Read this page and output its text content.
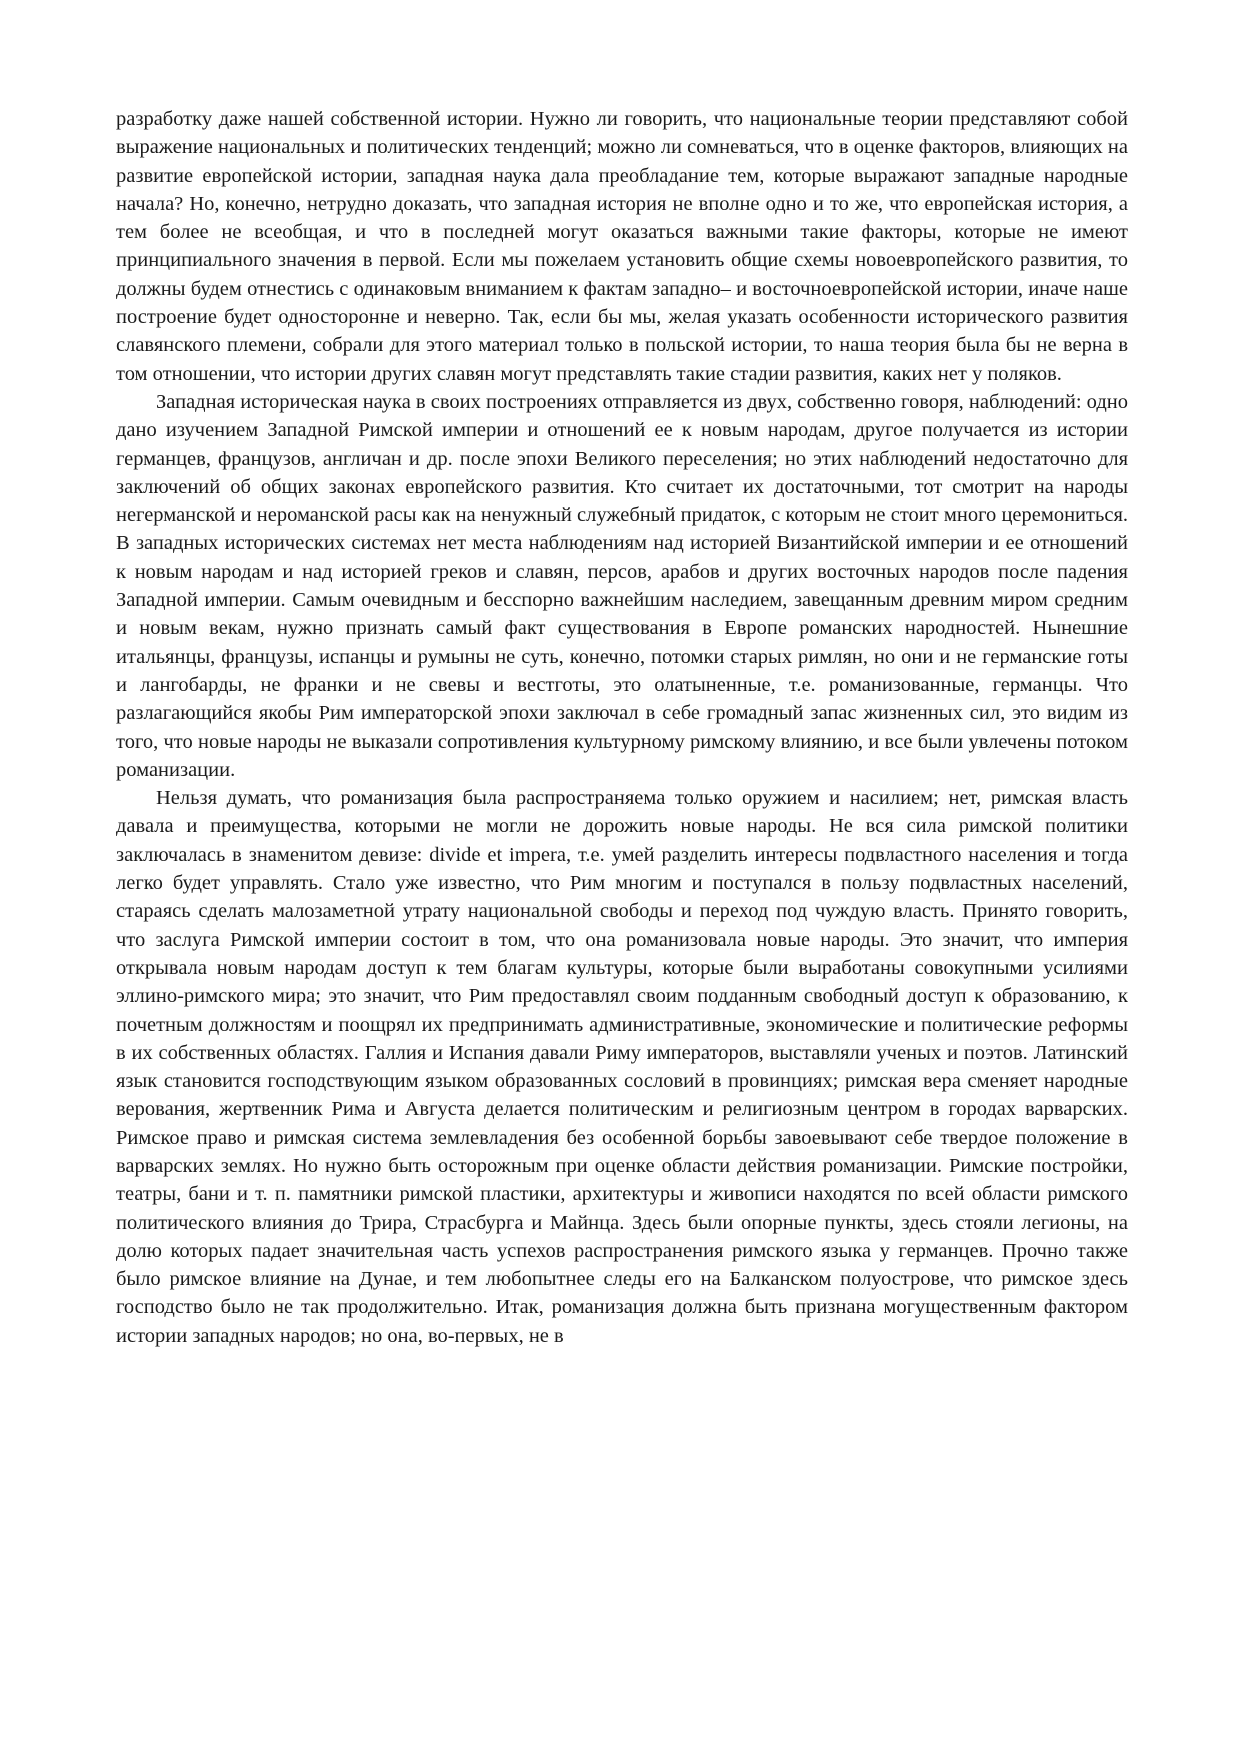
разработку даже нашей собственной истории. Нужно ли говорить, что национальные теории представляют собой выражение национальных и политических тенденций; можно ли сомневаться, что в оценке факторов, влияющих на развитие европейской истории, западная наука дала преобладание тем, которые выражают западные народные начала? Но, конечно, нетрудно доказать, что западная история не вполне одно и то же, что европейская история, а тем более не всеобщая, и что в последней могут оказаться важными такие факторы, которые не имеют принципиального значения в первой. Если мы пожелаем установить общие схемы новоевропейского развития, то должны будем отнестись с одинаковым вниманием к фактам западно– и восточноевропейской истории, иначе наше построение будет односторонне и неверно. Так, если бы мы, желая указать особенности исторического развития славянского племени, собрали для этого материал только в польской истории, то наша теория была бы не верна в том отношении, что истории других славян могут представлять такие стадии развития, каких нет у поляков.

Западная историческая наука в своих построениях отправляется из двух, собственно говоря, наблюдений: одно дано изучением Западной Римской империи и отношений ее к новым народам, другое получается из истории германцев, французов, англичан и др. после эпохи Великого переселения; но этих наблюдений недостаточно для заключений об общих законах европейского развития. Кто считает их достаточными, тот смотрит на народы негерманской и нероманской расы как на ненужный служебный придаток, с которым не стоит много церемониться. В западных исторических системах нет места наблюдениям над историей Византийской империи и ее отношений к новым народам и над историей греков и славян, персов, арабов и других восточных народов после падения Западной империи. Самым очевидным и бесспорно важнейшим наследием, завещанным древним миром средним и новым векам, нужно признать самый факт существования в Европе романских народностей. Нынешние итальянцы, французы, испанцы и румыны не суть, конечно, потомки старых римлян, но они и не германские готы и лангобарды, не франки и не свевы и вестготы, это олатыненные, т.е. романизованные, германцы. Что разлагающийся якобы Рим императорской эпохи заключал в себе громадный запас жизненных сил, это видим из того, что новые народы не выказали сопротивления культурному римскому влиянию, и все были увлечены потоком романизации.

Нельзя думать, что романизация была распространяема только оружием и насилием; нет, римская власть давала и преимущества, которыми не могли не дорожить новые народы. Не вся сила римской политики заключалась в знаменитом девизе: divide et impera, т.е. умей разделить интересы подвластного населения и тогда легко будет управлять. Стало уже известно, что Рим многим и поступался в пользу подвластных населений, стараясь сделать малозаметной утрату национальной свободы и переход под чуждую власть. Принято говорить, что заслуга Римской империи состоит в том, что она романизовала новые народы. Это значит, что империя открывала новым народам доступ к тем благам культуры, которые были выработаны совокупными усилиями эллино-римского мира; это значит, что Рим предоставлял своим подданным свободный доступ к образованию, к почетным должностям и поощрял их предпринимать административные, экономические и политические реформы в их собственных областях. Галлия и Испания давали Риму императоров, выставляли ученых и поэтов. Латинский язык становится господствующим языком образованных сословий в провинциях; римская вера сменяет народные верования, жертвенник Рима и Августа делается политическим и религиозным центром в городах варварских. Римское право и римская система землевладения без особенной борьбы завоевывают себе твердое положение в варварских землях. Но нужно быть осторожным при оценке области действия романизации. Римские постройки, театры, бани и т. п. памятники римской пластики, архитектуры и живописи находятся по всей области римского политического влияния до Трира, Страсбурга и Майнца. Здесь были опорные пункты, здесь стояли легионы, на долю которых падает значительная часть успехов распространения римского языка у германцев. Прочно также было римское влияние на Дунае, и тем любопытнее следы его на Балканском полуострове, что римское здесь господство было не так продолжительно. Итак, романизация должна быть признана могущественным фактором истории западных народов; но она, во-первых, не в
